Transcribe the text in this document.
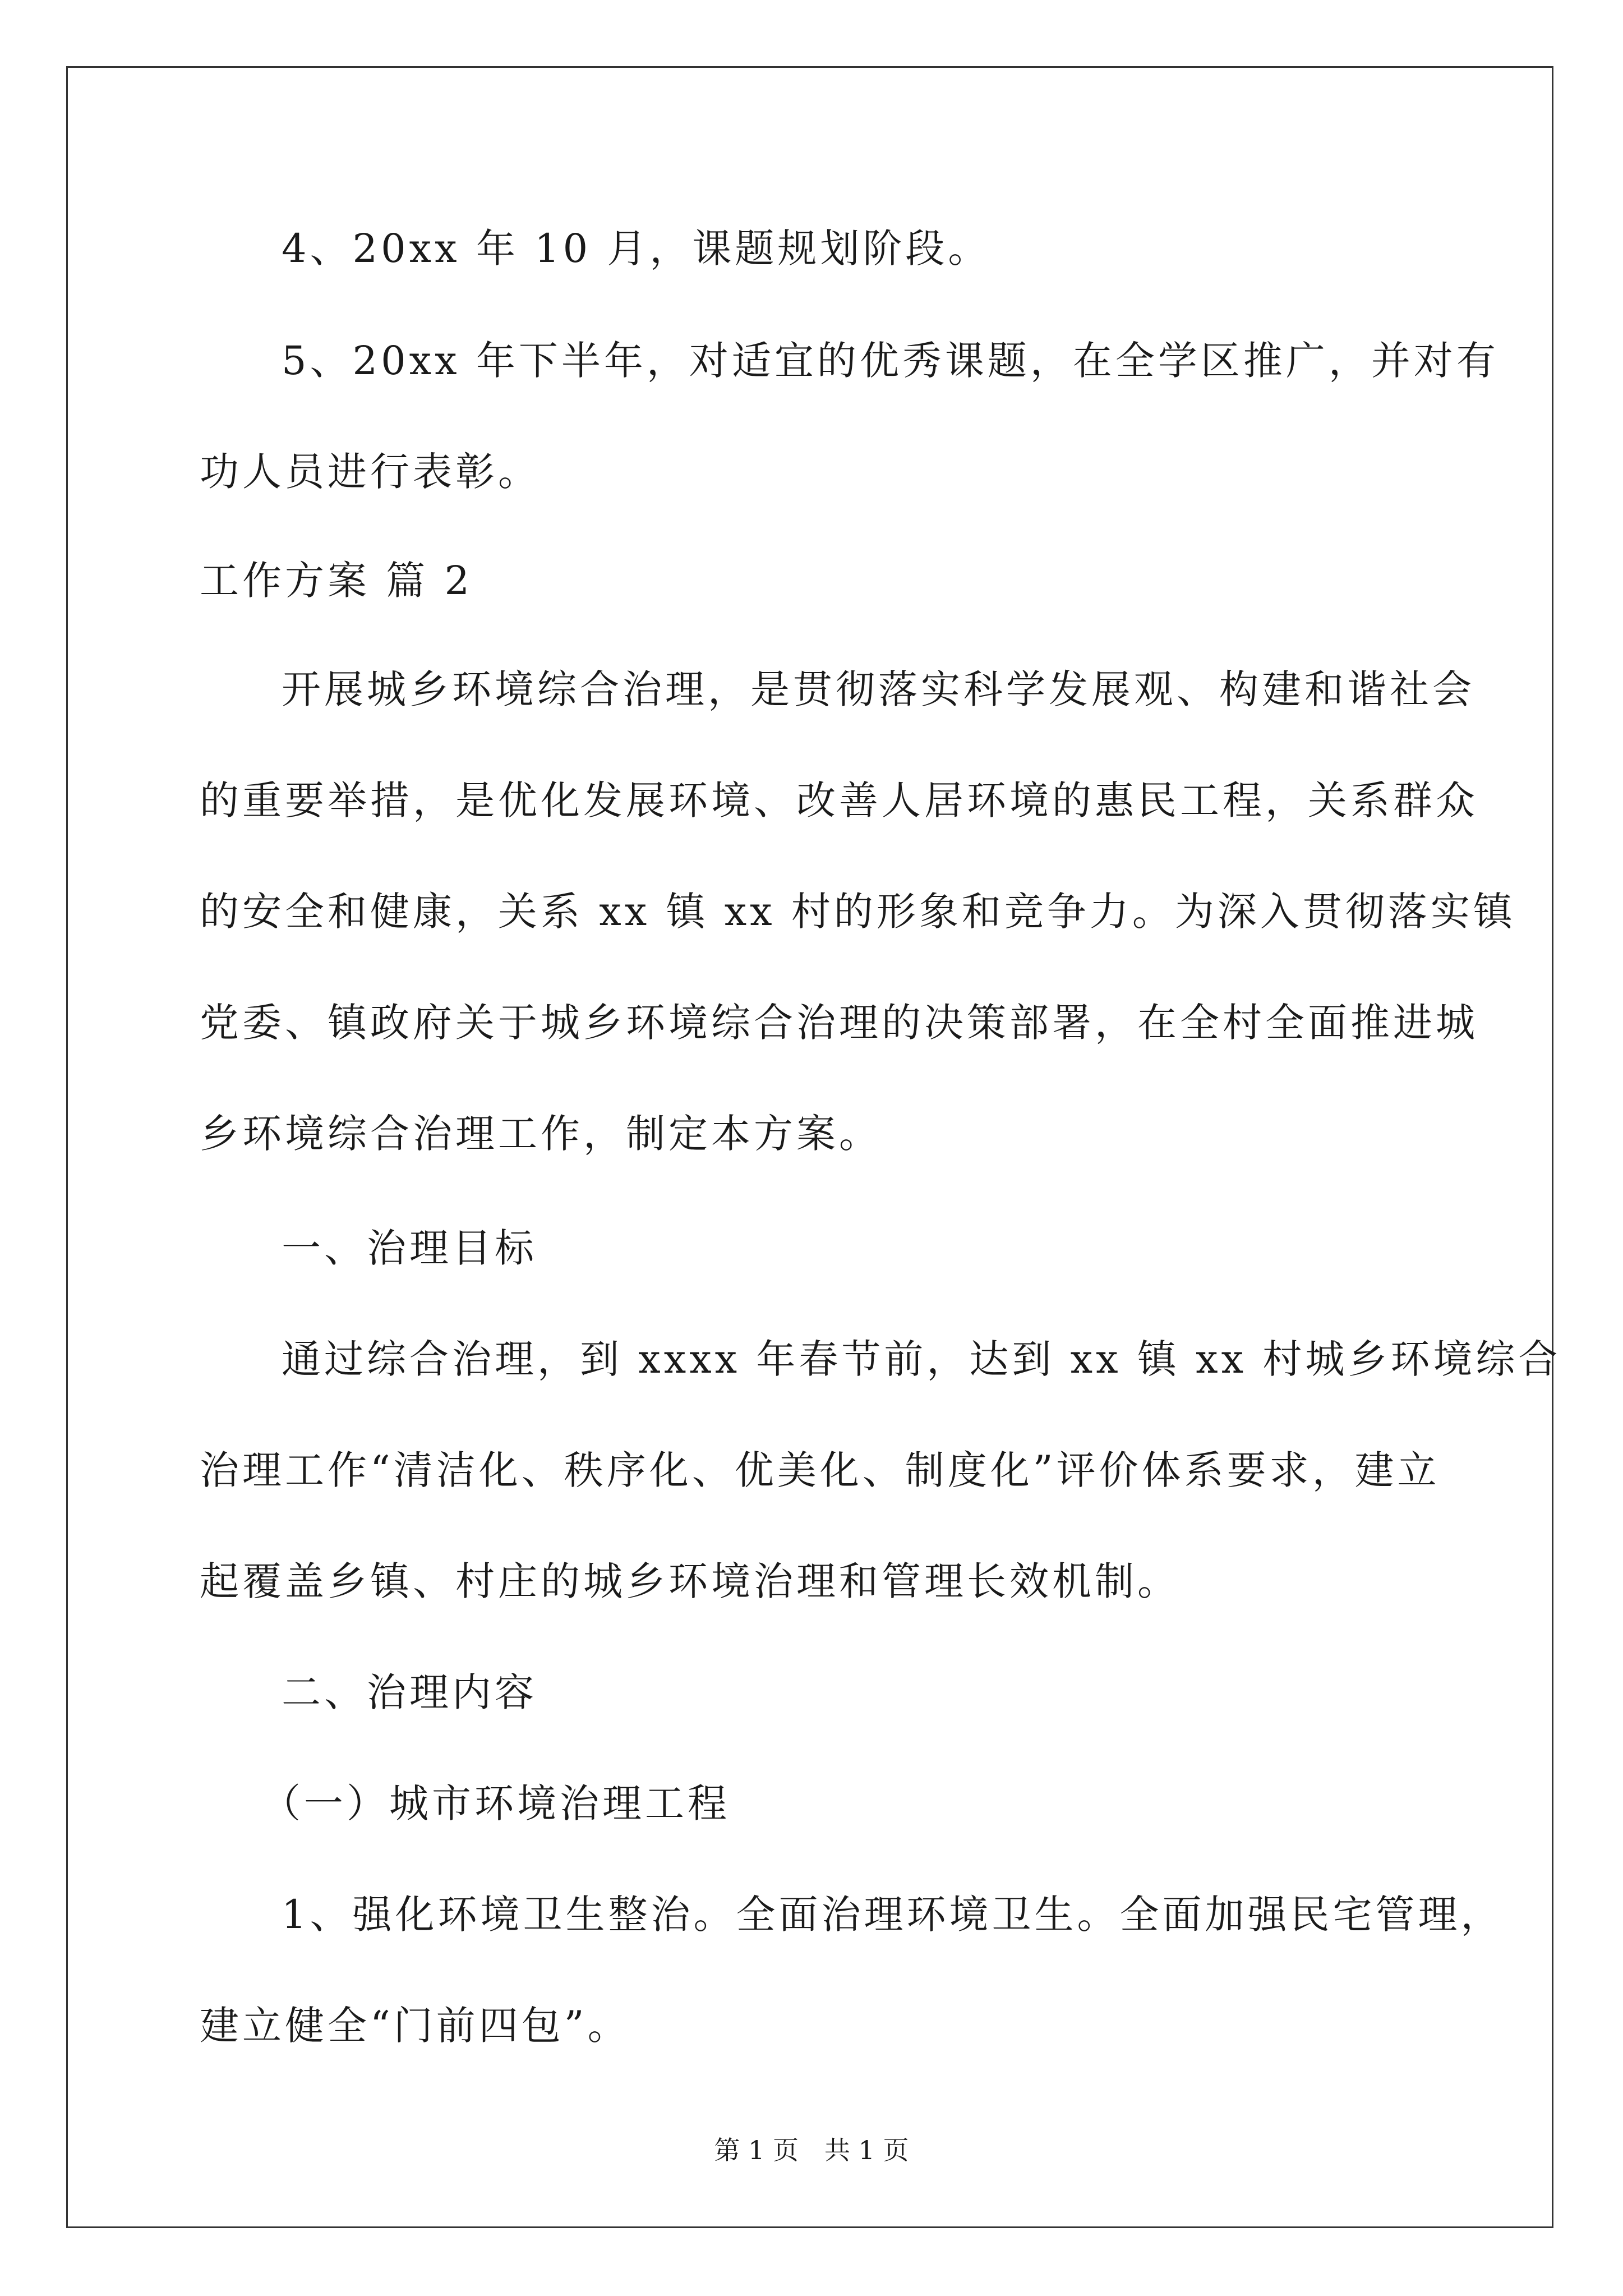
4、20xx 年 10 月，课题规划阶段。
5、20xx 年下半年，对适宜的优秀课题，在全学区推广，并对有
功人员进行表彰。
工作方案 篇 2
开展城乡环境综合治理，是贯彻落实科学发展观、构建和谐社会
的重要举措，是优化发展环境、改善人居环境的惠民工程，关系群众
的安全和健康，关系 xx 镇 xx 村的形象和竞争力。为深入贯彻落实镇
党委、镇政府关于城乡环境综合治理的决策部署，在全村全面推进城
乡环境综合治理工作，制定本方案。
一、治理目标
通过综合治理，到 xxxx 年春节前，达到 xx 镇 xx 村城乡环境综合
治理工作“清洁化、秩序化、优美化、制度化”评价体系要求，建立
起覆盖乡镇、村庄的城乡环境治理和管理长效机制。
二、治理内容
（一）城市环境治理工程
1、强化环境卫生整治。全面治理环境卫生。全面加强民宅管理，
建立健全“门前四包”。
第 1 页　共 1 页
